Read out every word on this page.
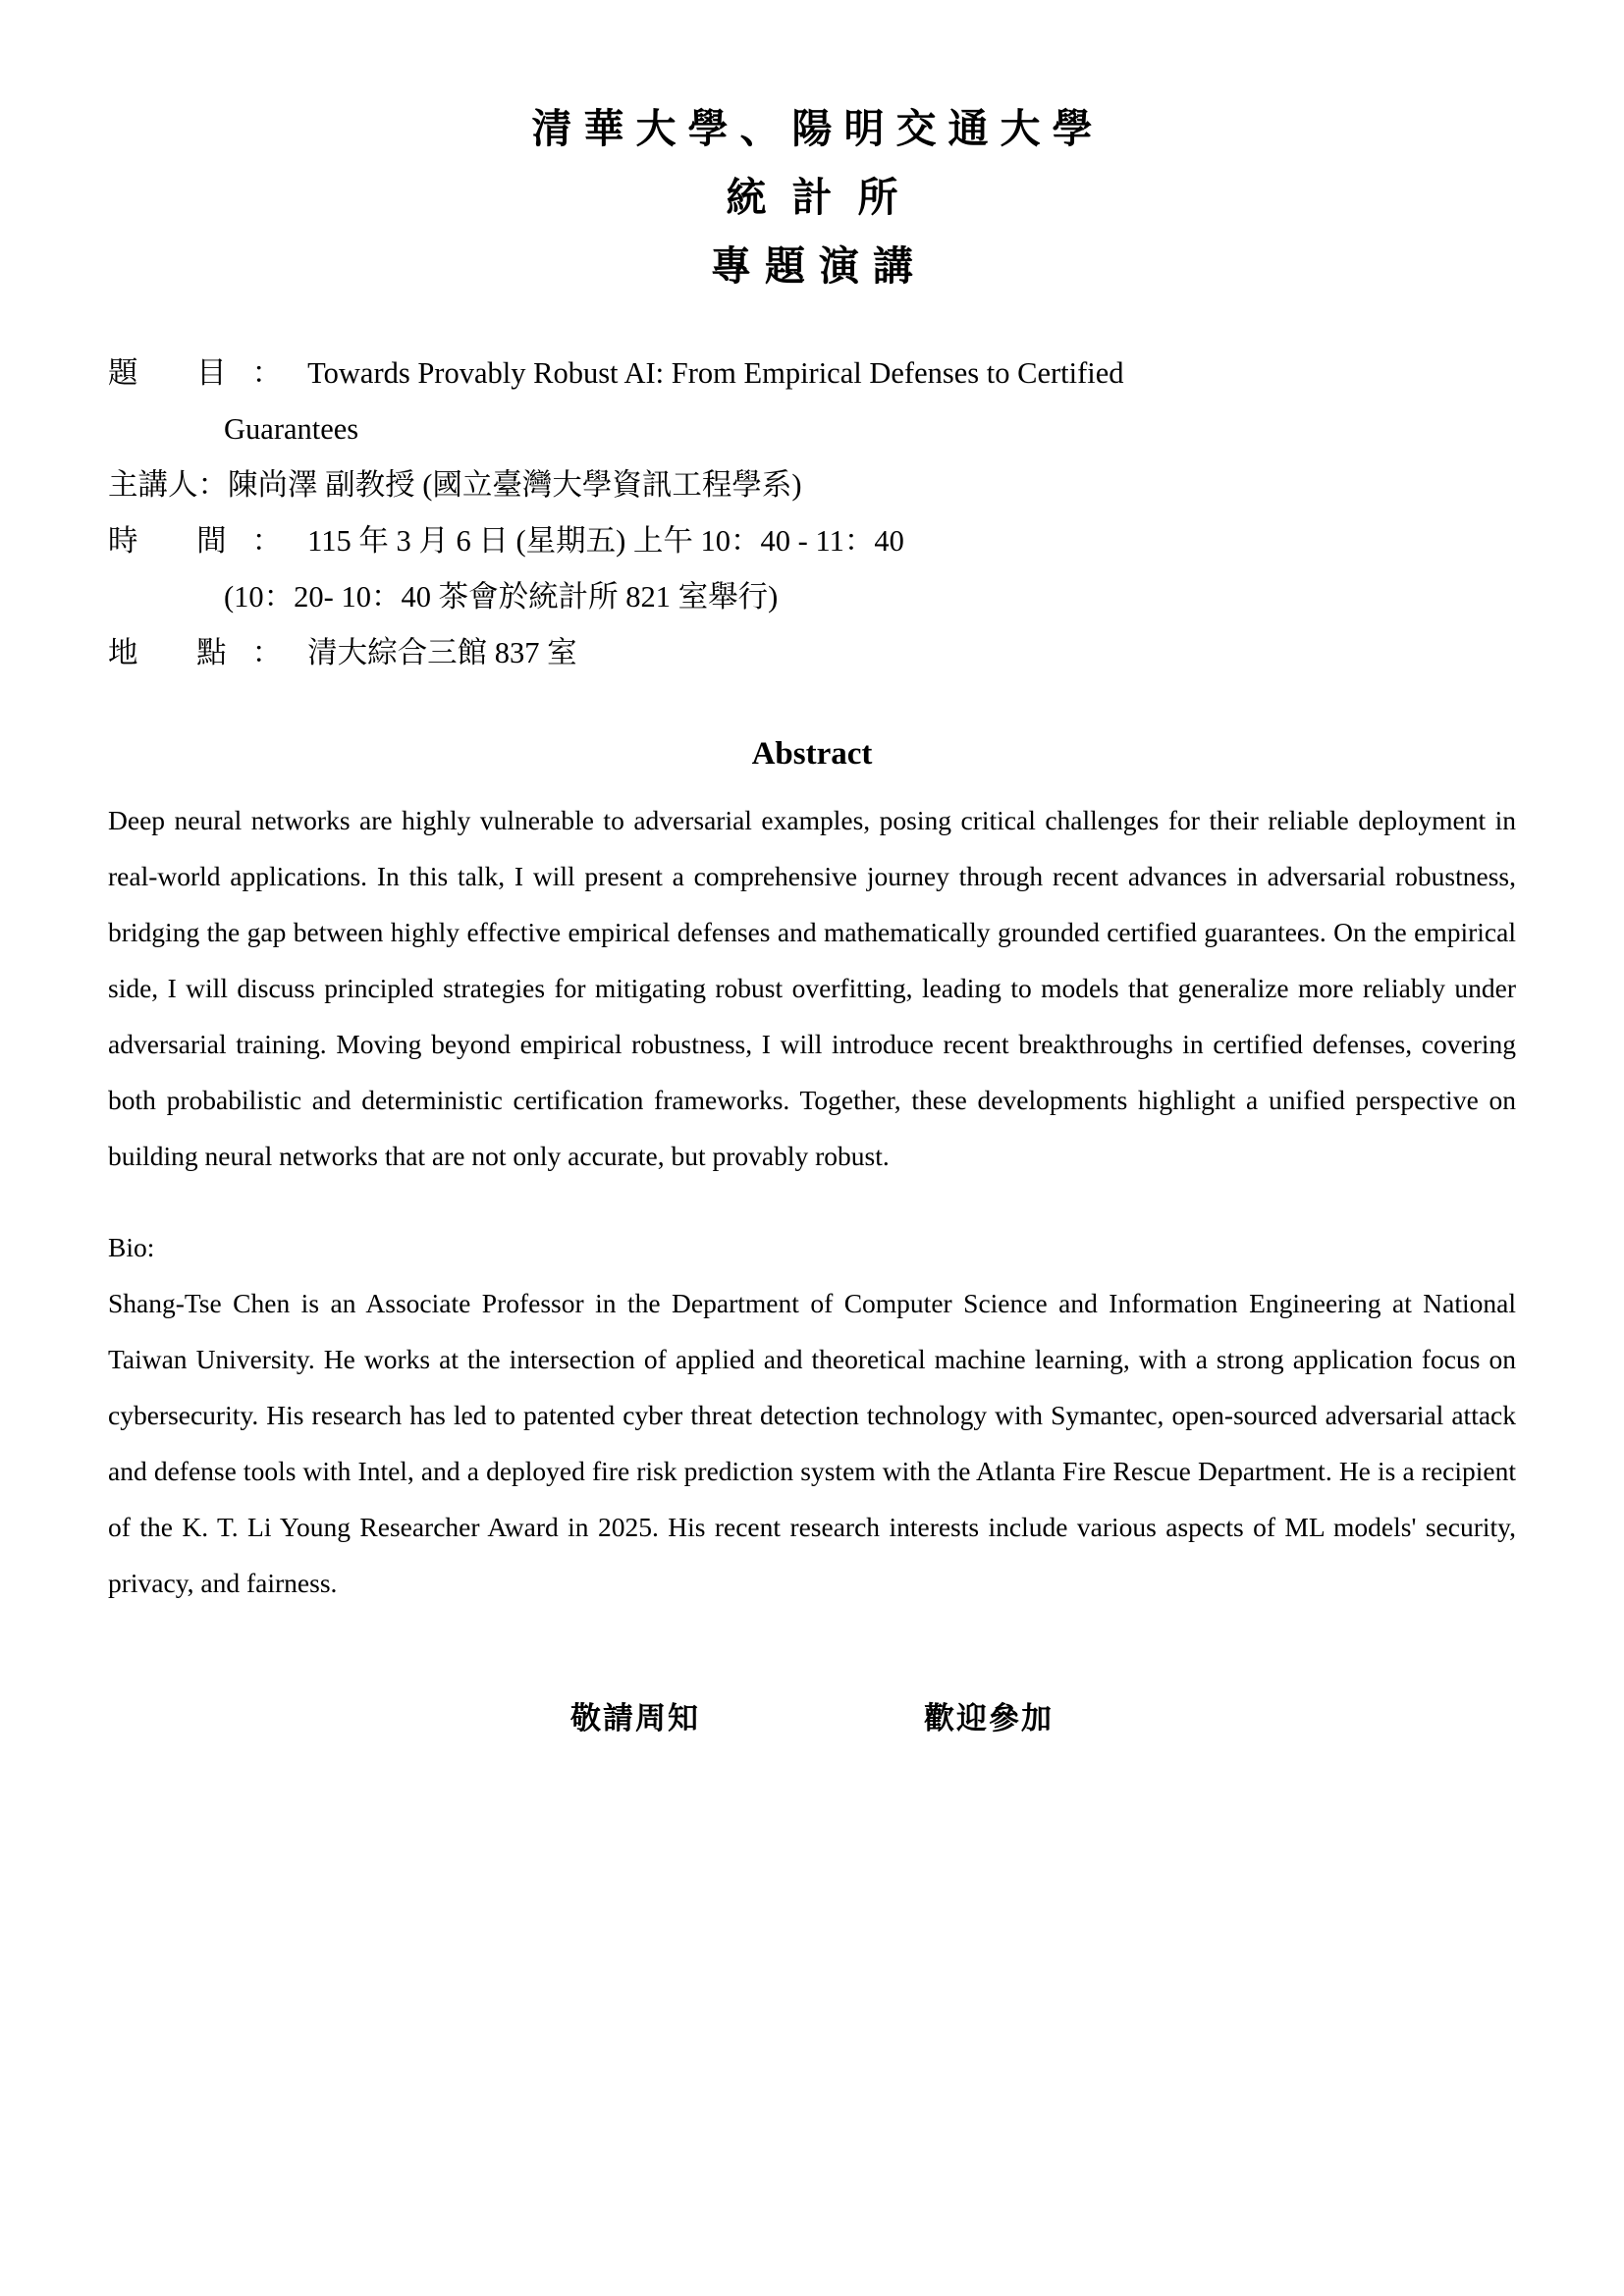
清華大學、陽明交通大學
統計所
專題演講
題 目：Towards Provably Robust AI: From Empirical Defenses to Certified
Guarantees
主講人：陳尚澤 副教授 (國立臺灣大學資訊工程學系)
時 間：115 年 3 月 6 日 (星期五) 上午 10：40 - 11：40
(10：20- 10：40 茶會於統計所 821 室舉行)
地 點：清大綜合三館 837 室
Abstract
Deep neural networks are highly vulnerable to adversarial examples, posing critical challenges for their reliable deployment in real-world applications. In this talk, I will present a comprehensive journey through recent advances in adversarial robustness, bridging the gap between highly effective empirical defenses and mathematically grounded certified guarantees. On the empirical side, I will discuss principled strategies for mitigating robust overfitting, leading to models that generalize more reliably under adversarial training. Moving beyond empirical robustness, I will introduce recent breakthroughs in certified defenses, covering both probabilistic and deterministic certification frameworks. Together, these developments highlight a unified perspective on building neural networks that are not only accurate, but provably robust.
Bio:
Shang-Tse Chen is an Associate Professor in the Department of Computer Science and Information Engineering at National Taiwan University. He works at the intersection of applied and theoretical machine learning, with a strong application focus on cybersecurity. His research has led to patented cyber threat detection technology with Symantec, open-sourced adversarial attack and defense tools with Intel, and a deployed fire risk prediction system with the Atlanta Fire Rescue Department. He is a recipient of the K. T. Li Young Researcher Award in 2025. His recent research interests include various aspects of ML models' security, privacy, and fairness.
敬請周知	歡迎參加
